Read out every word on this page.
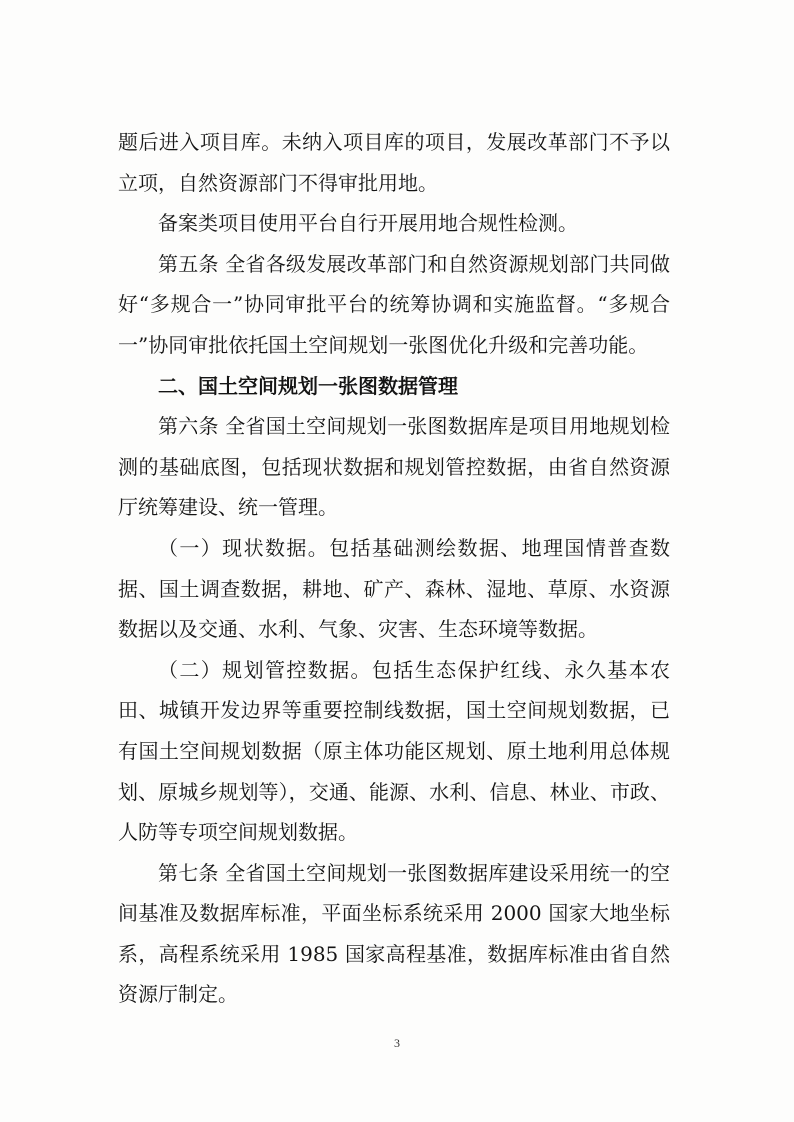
题后进入项目库。未纳入项目库的项目，发展改革部门不予以立项，自然资源部门不得审批用地。

备案类项目使用平台自行开展用地合规性检测。

第五条 全省各级发展改革部门和自然资源规划部门共同做好“多规合一”协同审批平台的统筹协调和实施监督。“多规合一”协同审批依托国土空间规划一张图优化升级和完善功能。

二、国土空间规划一张图数据管理

第六条 全省国土空间规划一张图数据库是项目用地规划检测的基础底图，包括现状数据和规划管控数据，由省自然资源厅统筹建设、统一管理。

（一）现状数据。包括基础测绘数据、地理国情普查数据、国土调查数据，耕地、矿产、森林、湿地、草原、水资源数据以及交通、水利、气象、灾害、生态环境等数据。

（二）规划管控数据。包括生态保护红线、永久基本农田、城镇开发边界等重要控制线数据，国土空间规划数据，已有国土空间规划数据（原主体功能区规划、原土地利用总体规划、原城乡规划等），交通、能源、水利、信息、林业、市政、人防等专项空间规划数据。

第七条 全省国土空间规划一张图数据库建设采用统一的空间基准及数据库标准，平面坐标系统采用 2000 国家大地坐标系，高程系统采用 1985 国家高程基准，数据库标准由省自然资源厅制定。

3
